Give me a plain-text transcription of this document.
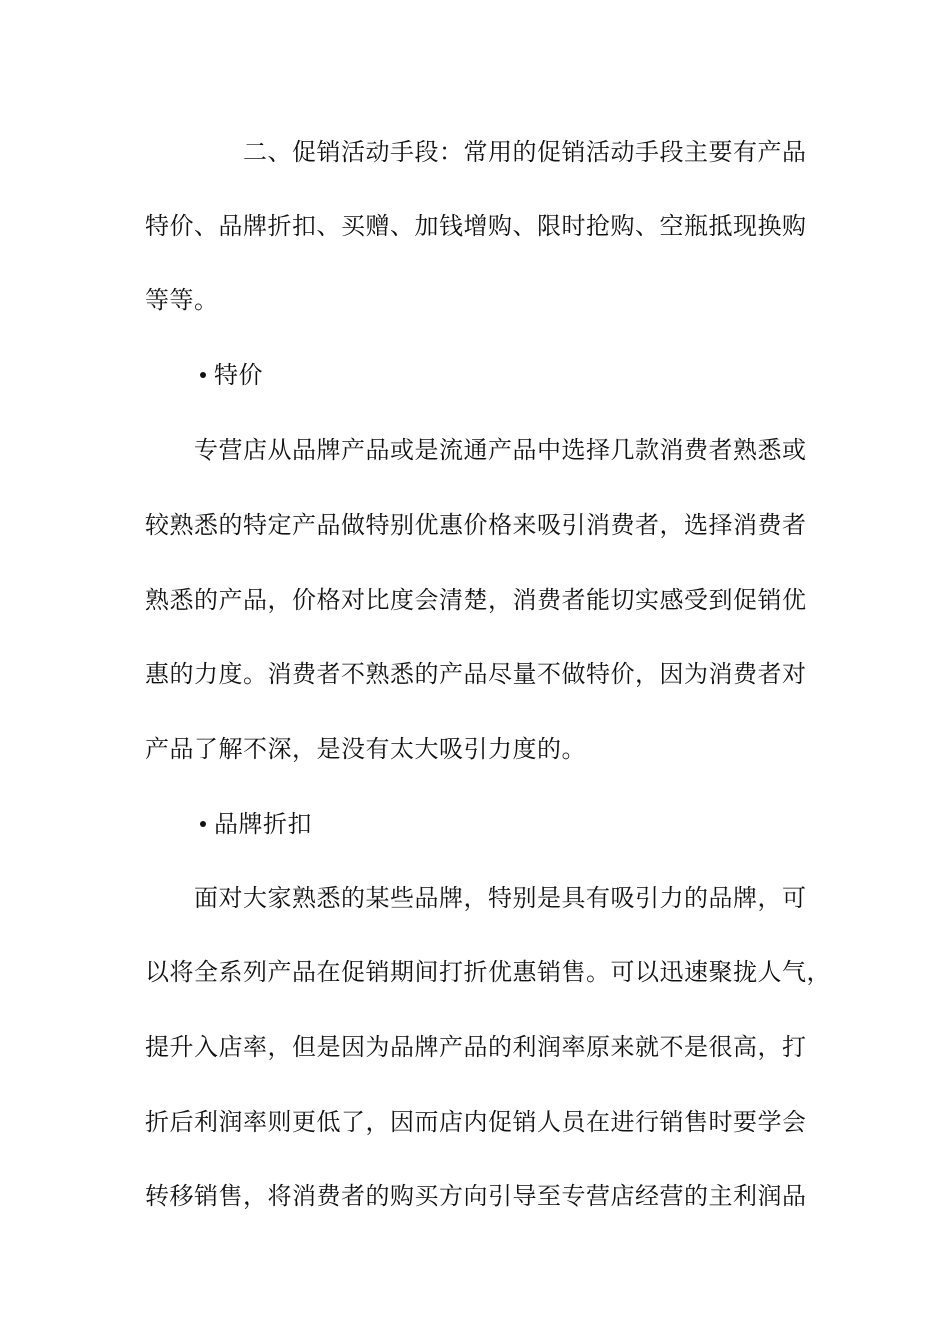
二、促销活动手段：常用的促销活动手段主要有产品
特价、品牌折扣、买赠、加钱增购、限时抢购、空瓶抵现换购
等等。
特价
专营店从品牌产品或是流通产品中选择几款消费者熟悉或
较熟悉的特定产品做特别优惠价格来吸引消费者，选择消费者
熟悉的产品，价格对比度会清楚，消费者能切实感受到促销优
惠的力度。消费者不熟悉的产品尽量不做特价，因为消费者对
产品了解不深，是没有太大吸引力度的。
品牌折扣
面对大家熟悉的某些品牌，特别是具有吸引力的品牌，可
以将全系列产品在促销期间打折优惠销售。可以迅速聚拢人气，
提升入店率，但是因为品牌产品的利润率原来就不是很高，打
折后利润率则更低了，因而店内促销人员在进行销售时要学会
转移销售，将消费者的购买方向引导至专营店经营的主利润品
